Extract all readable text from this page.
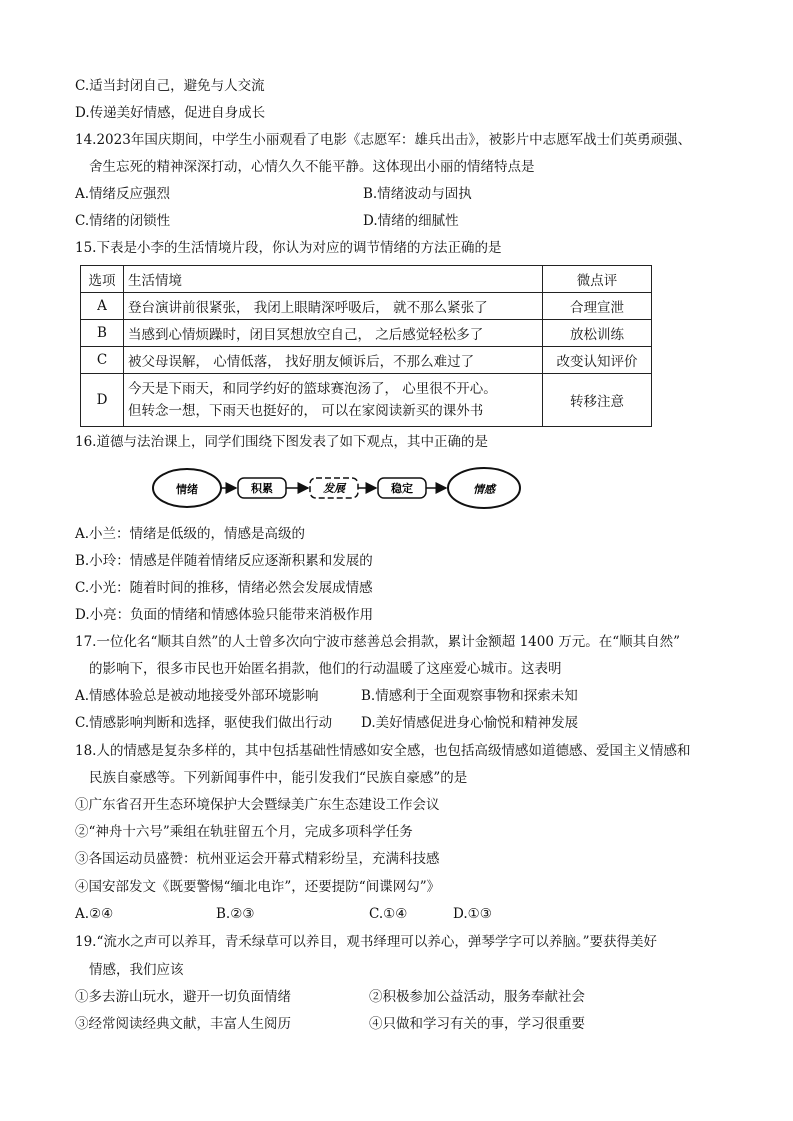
C.适当封闭自己，避免与人交流
D.传递美好情感，促进自身成长
14.2023年国庆期间，中学生小丽观看了电影《志愿军：雄兵出击》，被影片中志愿军战士们英勇顽强、
舍生忘死的精神深深打动，心情久久不能平静。这体现出小丽的情绪特点是
A.情绪反应强烈	B.情绪波动与固执
C.情绪的闭锁性	D.情绪的细腻性
15.下表是小李的生活情境片段，你认为对应的调节情绪的方法正确的是
选项	生活情境	微点评
A	登台演讲前很紧张， 我闭上眼睛深呼吸后， 就不那么紧张了	合理宣泄
B	当感到心情烦躁时，闭目冥想放空自己， 之后感觉轻松多了	放松训练
C	被父母误解， 心情低落， 找好朋友倾诉后，不那么难过了	改变认知评价
D	今天是下雨天，和同学约好的篮球赛泡汤了， 心里很不开心。
但转念一想，下雨天也挺好的， 可以在家阅读新买的课外书	转移注意
16.道德与法治课上，同学们围绕下图发表了如下观点，其中正确的是
情绪	积累	发展	稳定	情感
A.小兰：情绪是低级的，情感是高级的
B.小玲：情感是伴随着情绪反应逐渐积累和发展的
C.小光：随着时间的推移，情绪必然会发展成情感
D.小亮：负面的情绪和情感体验只能带来消极作用
17.一位化名“顺其自然”的人士曾多次向宁波市慈善总会捐款，累计金额超 1400 万元。在“顺其自然”
的影响下，很多市民也开始匿名捐款，他们的行动温暖了这座爱心城市。这表明
A.情感体验总是被动地接受外部环境影响	B.情感利于全面观察事物和探索未知
C.情感影响判断和选择，驱使我们做出行动 D.美好情感促进身心愉悦和精神发展
18.人的情感是复杂多样的，其中包括基础性情感如安全感，也包括高级情感如道德感、爱国主义情感和
民族自豪感等。下列新闻事件中，能引发我们“民族自豪感”的是
①广东省召开生态环境保护大会暨绿美广东生态建设工作会议
②“神舟十六号”乘组在轨驻留五个月，完成多项科学任务
③各国运动员盛赞：杭州亚运会开幕式精彩纷呈，充满科技感
④国安部发文《既要警惕“缅北电诈”，还要提防“间谍网勾”》
A.②④	B.②③	C.①④	D.①③
19.“流水之声可以养耳，青禾绿草可以养目，观书绎理可以养心，弹琴学字可以养脑。”要获得美好
情感，我们应该
①多去游山玩水，避开一切负面情绪	②积极参加公益活动，服务奉献社会
③经常阅读经典文献，丰富人生阅历	④只做和学习有关的事，学习很重要
